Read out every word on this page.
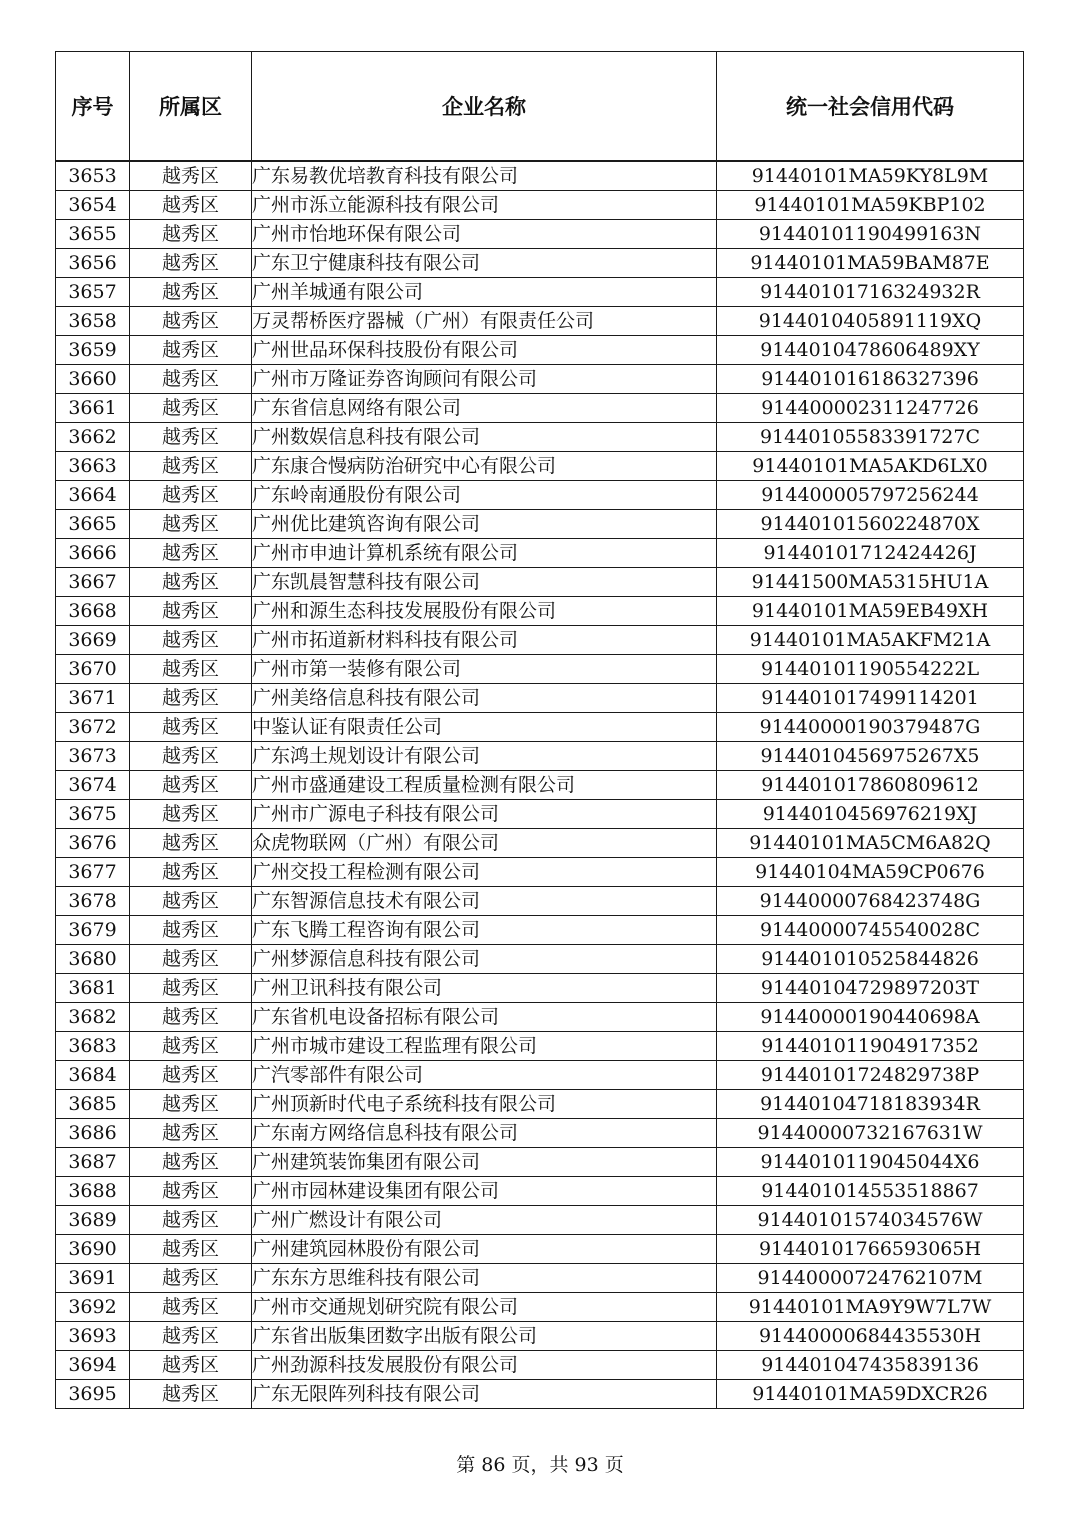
序号	所属区	企业名称	统一社会信用代码
3653	越秀区	广东易教优培教育科技有限公司	91440101MA59KY8L9M
3654	越秀区	广州市泺立能源科技有限公司	91440101MA59KBP102
3655	越秀区	广州市怡地环保有限公司	91440101190499163N
3656	越秀区	广东卫宁健康科技有限公司	91440101MA59BAM87E
3657	越秀区	广州羊城通有限公司	91440101716324932R
3658	越秀区	万灵帮桥医疗器械（广州）有限责任公司	9144010405891119XQ
3659	越秀区	广州世品环保科技股份有限公司	9144010478606489XY
3660	越秀区	广州市万隆证券咨询顾问有限公司	914401016186327396
3661	越秀区	广东省信息网络有限公司	914400002311247726
3662	越秀区	广州数娱信息科技有限公司	91440105583391727C
3663	越秀区	广东康合慢病防治研究中心有限公司	91440101MA5AKD6LX0
3664	越秀区	广东岭南通股份有限公司	914400005797256244
3665	越秀区	广州优比建筑咨询有限公司	91440101560224870X
3666	越秀区	广州市申迪计算机系统有限公司	91440101712424426J
3667	越秀区	广东凯晨智慧科技有限公司	91441500MA5315HU1A
3668	越秀区	广州和源生态科技发展股份有限公司	91440101MA59EB49XH
3669	越秀区	广州市拓道新材料科技有限公司	91440101MA5AKFM21A
3670	越秀区	广州市第一装修有限公司	91440101190554222L
3671	越秀区	广州美络信息科技有限公司	914401017499114201
3672	越秀区	中鉴认证有限责任公司	91440000190379487G
3673	越秀区	广东鸿土规划设计有限公司	9144010456975267X5
3674	越秀区	广州市盛通建设工程质量检测有限公司	914401017860809612
3675	越秀区	广州市广源电子科技有限公司	9144010456976219XJ
3676	越秀区	众虎物联网（广州）有限公司	91440101MA5CM6A82Q
3677	越秀区	广州交投工程检测有限公司	91440104MA59CP0676
3678	越秀区	广东智源信息技术有限公司	91440000768423748G
3679	越秀区	广东飞腾工程咨询有限公司	91440000745540028C
3680	越秀区	广州梦源信息科技有限公司	914401010525844826
3681	越秀区	广州卫讯科技有限公司	91440104729897203T
3682	越秀区	广东省机电设备招标有限公司	91440000190440698A
3683	越秀区	广州市城市建设工程监理有限公司	914401011904917352
3684	越秀区	广汽零部件有限公司	91440101724829738P
3685	越秀区	广州顶新时代电子系统科技有限公司	91440104718183934R
3686	越秀区	广东南方网络信息科技有限公司	91440000732167631W
3687	越秀区	广州建筑装饰集团有限公司	9144010119045044X6
3688	越秀区	广州市园林建设集团有限公司	914401014553518867
3689	越秀区	广州广燃设计有限公司	91440101574034576W
3690	越秀区	广州建筑园林股份有限公司	91440101766593065H
3691	越秀区	广东东方思维科技有限公司	91440000724762107M
3692	越秀区	广州市交通规划研究院有限公司	91440101MA9Y9W7L7W
3693	越秀区	广东省出版集团数字出版有限公司	91440000684435530H
3694	越秀区	广州劲源科技发展股份有限公司	914401047435839136
3695	越秀区	广东无限阵列科技有限公司	91440101MA59DXCR26
第 86 页，共 93 页
